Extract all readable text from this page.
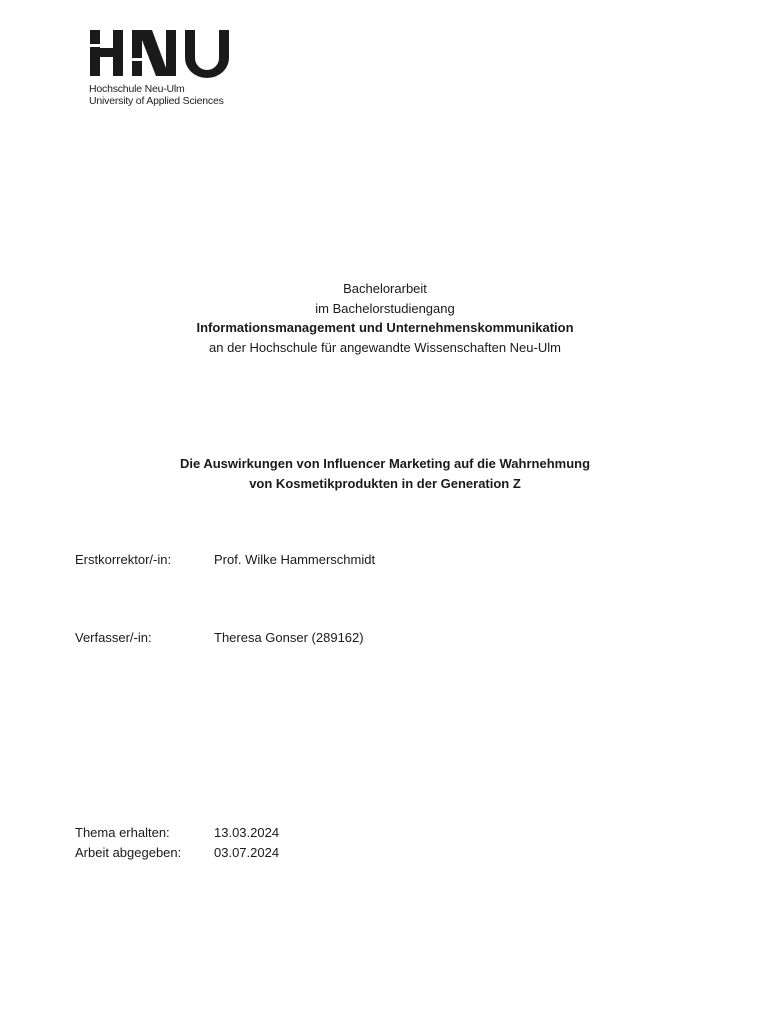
Hochschule Neu-Ulm
University of Applied Sciences
Bachelorarbeit
im Bachelorstudiengang
Informationsmanagement und Unternehmenskommunikation
an der Hochschule für angewandte Wissenschaften Neu-Ulm
Die Auswirkungen von Influencer Marketing auf die Wahrnehmung
von Kosmetikprodukten in der Generation Z
Erstkorrektor/-in:	Prof. Wilke Hammerschmidt
Verfasser/-in:	Theresa Gonser (289162)
Thema erhalten:	13.03.2024
Arbeit abgegeben:	03.07.2024
